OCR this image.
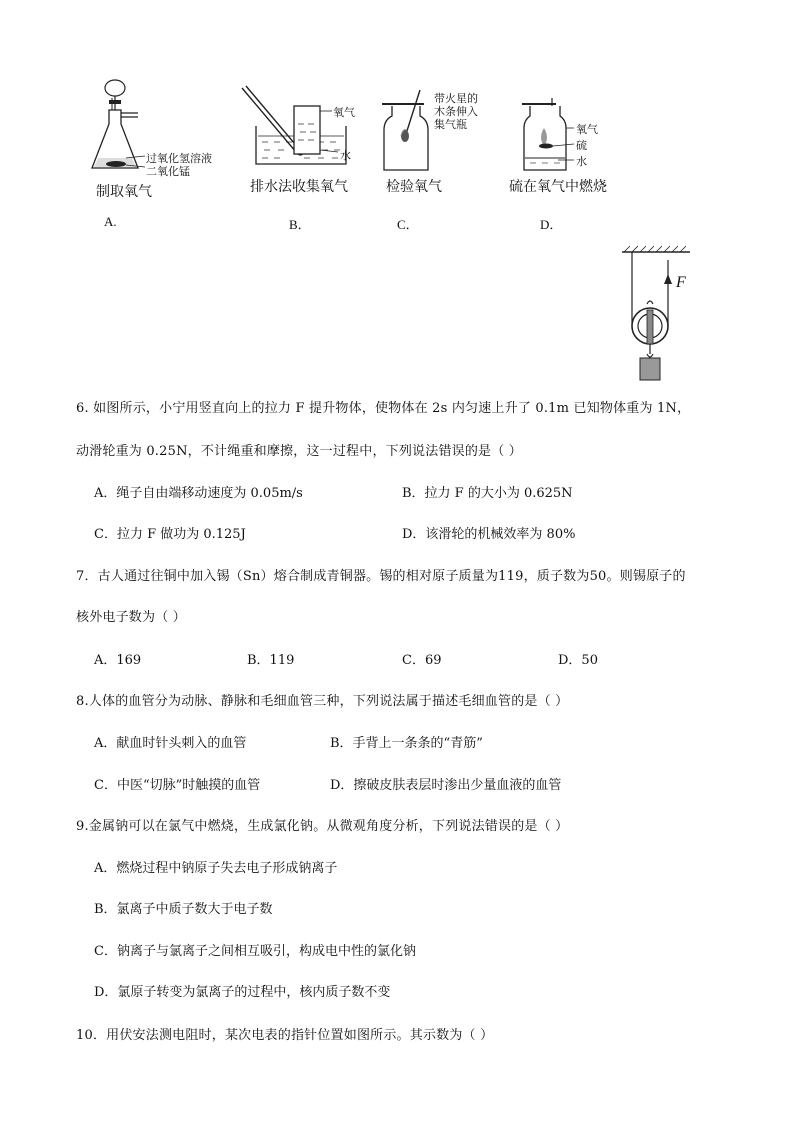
过氧化氢溶液
二氧化锰
制取氧气
A.
氧气
水
排水法收集氧气
B．
带火星的
木条伸入
集气瓶
检验氧气
C．
氧气
硫
水
硫在氧气中燃烧
D．
F
6. 如图所示，小宁用竖直向上的拉力 F 提升物体，使物体在 2s 内匀速上升了 0.1m 已知物体重为 1N，
动滑轮重为 0.25N，不计绳重和摩擦，这一过程中，下列说法错误的是（ ）
A．绳子自由端移动速度为 0.05m/s	B．拉力 F 的大小为 0.625N
C．拉力 F 做功为 0.125J	D．该滑轮的机械效率为 80%
7．古人通过往铜中加入锡（Sn）熔合制成青铜器。锡的相对原子质量为119，质子数为50。则锡原子的
核外电子数为（ ）
A．169	B．119	C．69	D．50
8.人体的血管分为动脉、静脉和毛细血管三种，下列说法属于描述毛细血管的是（ ）
A．献血时针头刺入的血管	B．手背上一条条的“青筋”
C．中医“切脉”时触摸的血管	D．擦破皮肤表层时渗出少量血液的血管
9.金属钠可以在氯气中燃烧，生成氯化钠。从微观角度分析，下列说法错误的是（ ）
A．燃烧过程中钠原子失去电子形成钠离子
B．氯离子中质子数大于电子数
C．钠离子与氯离子之间相互吸引，构成电中性的氯化钠
D．氯原子转变为氯离子的过程中，核内质子数不变
10．用伏安法测电阻时，某次电表的指针位置如图所示。其示数为（ ）
